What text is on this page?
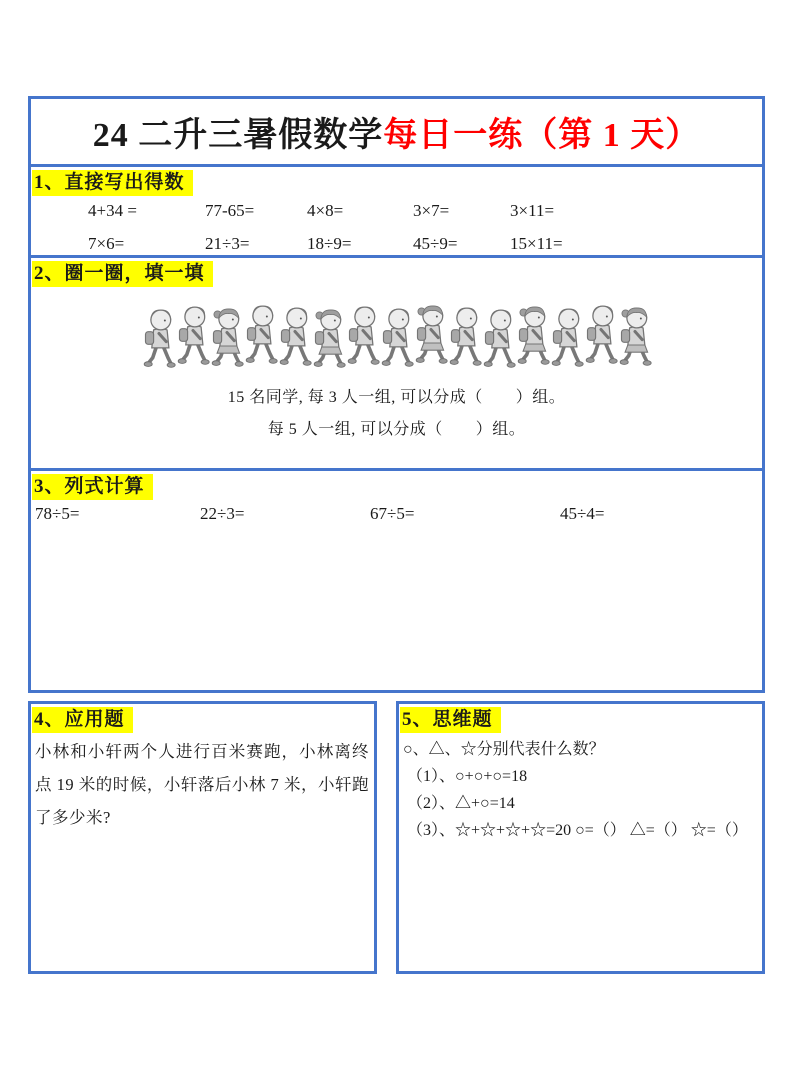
24 二升三暑假数学每日一练（第 1 天）
1、直接写出得数
4+34 =	77-65=	4×8=	3×7=	3×11=
7×6=	21÷3=	18÷9=	45÷9=	15×11=
2、圈一圈，填一填

15 名同学, 每 3 人一组, 可以分成（　　）组。

每 5 人一组, 可以分成（　　）组。

3、列式计算
78÷5=	22÷3=	67÷5=	45÷4=
4、应用题

小林和小轩两个人进行百米赛跑，小林离终点 19 米的时候，小轩落后小林 7 米，小轩跑了多少米?

5、思维题

○、△、☆分别代表什么数？

（1）、○+○+○=18

（2）、△+○=14

（3）、☆+☆+☆+☆=20 ○=（） △=（） ☆=（）
